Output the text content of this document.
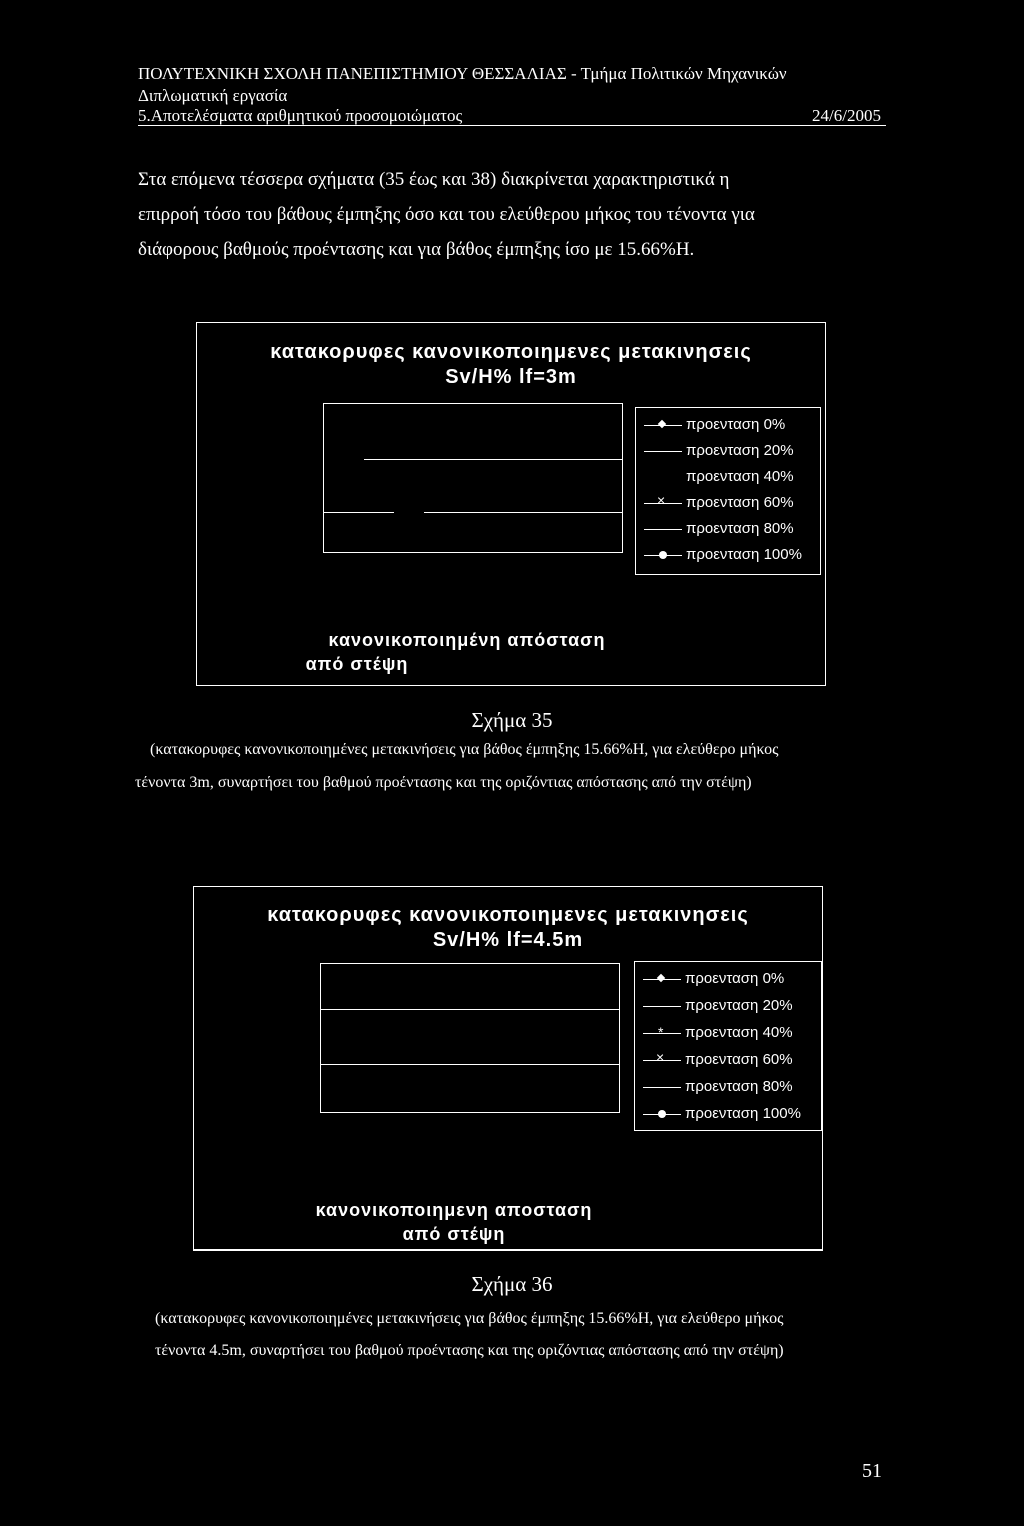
ΠΟΛΥΤΕΧΝΙΚΗ ΣΧΟΛΗ ΠΑΝΕΠΙΣΤΗΜΙΟΥ ΘΕΣΣΑΛΙΑΣ - Τμήμα Πολιτικών Μηχανικών
Διπλωματική εργασία
5.Αποτελέσματα αριθμητικού προσομοιώματος	24/6/2005
Στα επόμενα τέσσερα σχήματα (35 έως και 38) διακρίνεται χαρακτηριστικά η
επιρροή τόσο του βάθους έμπηξης όσο και του ελεύθερου μήκος του τένοντα για
διάφορους βαθμούς προέντασης και για βάθος έμπηξης ίσο με 15.66%Η.
κατακορυφες κανονικοποιημενες μετακινησεις
Sv/H% lf=3m
προενταση 0%
προενταση 20%
προενταση 40%
×προενταση 60%
προενταση 80%
προενταση 100%
κανονικοποιημένη απόσταση
από στέψη
Σχήμα 35
(κατακορυφες κανονικοποιημένες μετακινήσεις για βάθος έμπηξης 15.66%Η, για ελεύθερο μήκος
τένοντα 3m, συναρτήσει του βαθμού προέντασης και της οριζόντιας απόστασης από την στέψη)
κατακορυφες κανονικοποιημενες μετακινησεις
Sv/H% lf=4.5m
προενταση 0%
προενταση 20%
*προενταση 40%
×προενταση 60%
προενταση 80%
προενταση 100%
κανονικοποιημενη αποσταση
από στέψη
Σχήμα 36
(κατακορυφες κανονικοποιημένες μετακινήσεις για βάθος έμπηξης 15.66%Η, για ελεύθερο μήκος
τένοντα 4.5m, συναρτήσει του βαθμού προέντασης και της οριζόντιας απόστασης από την στέψη)
51
